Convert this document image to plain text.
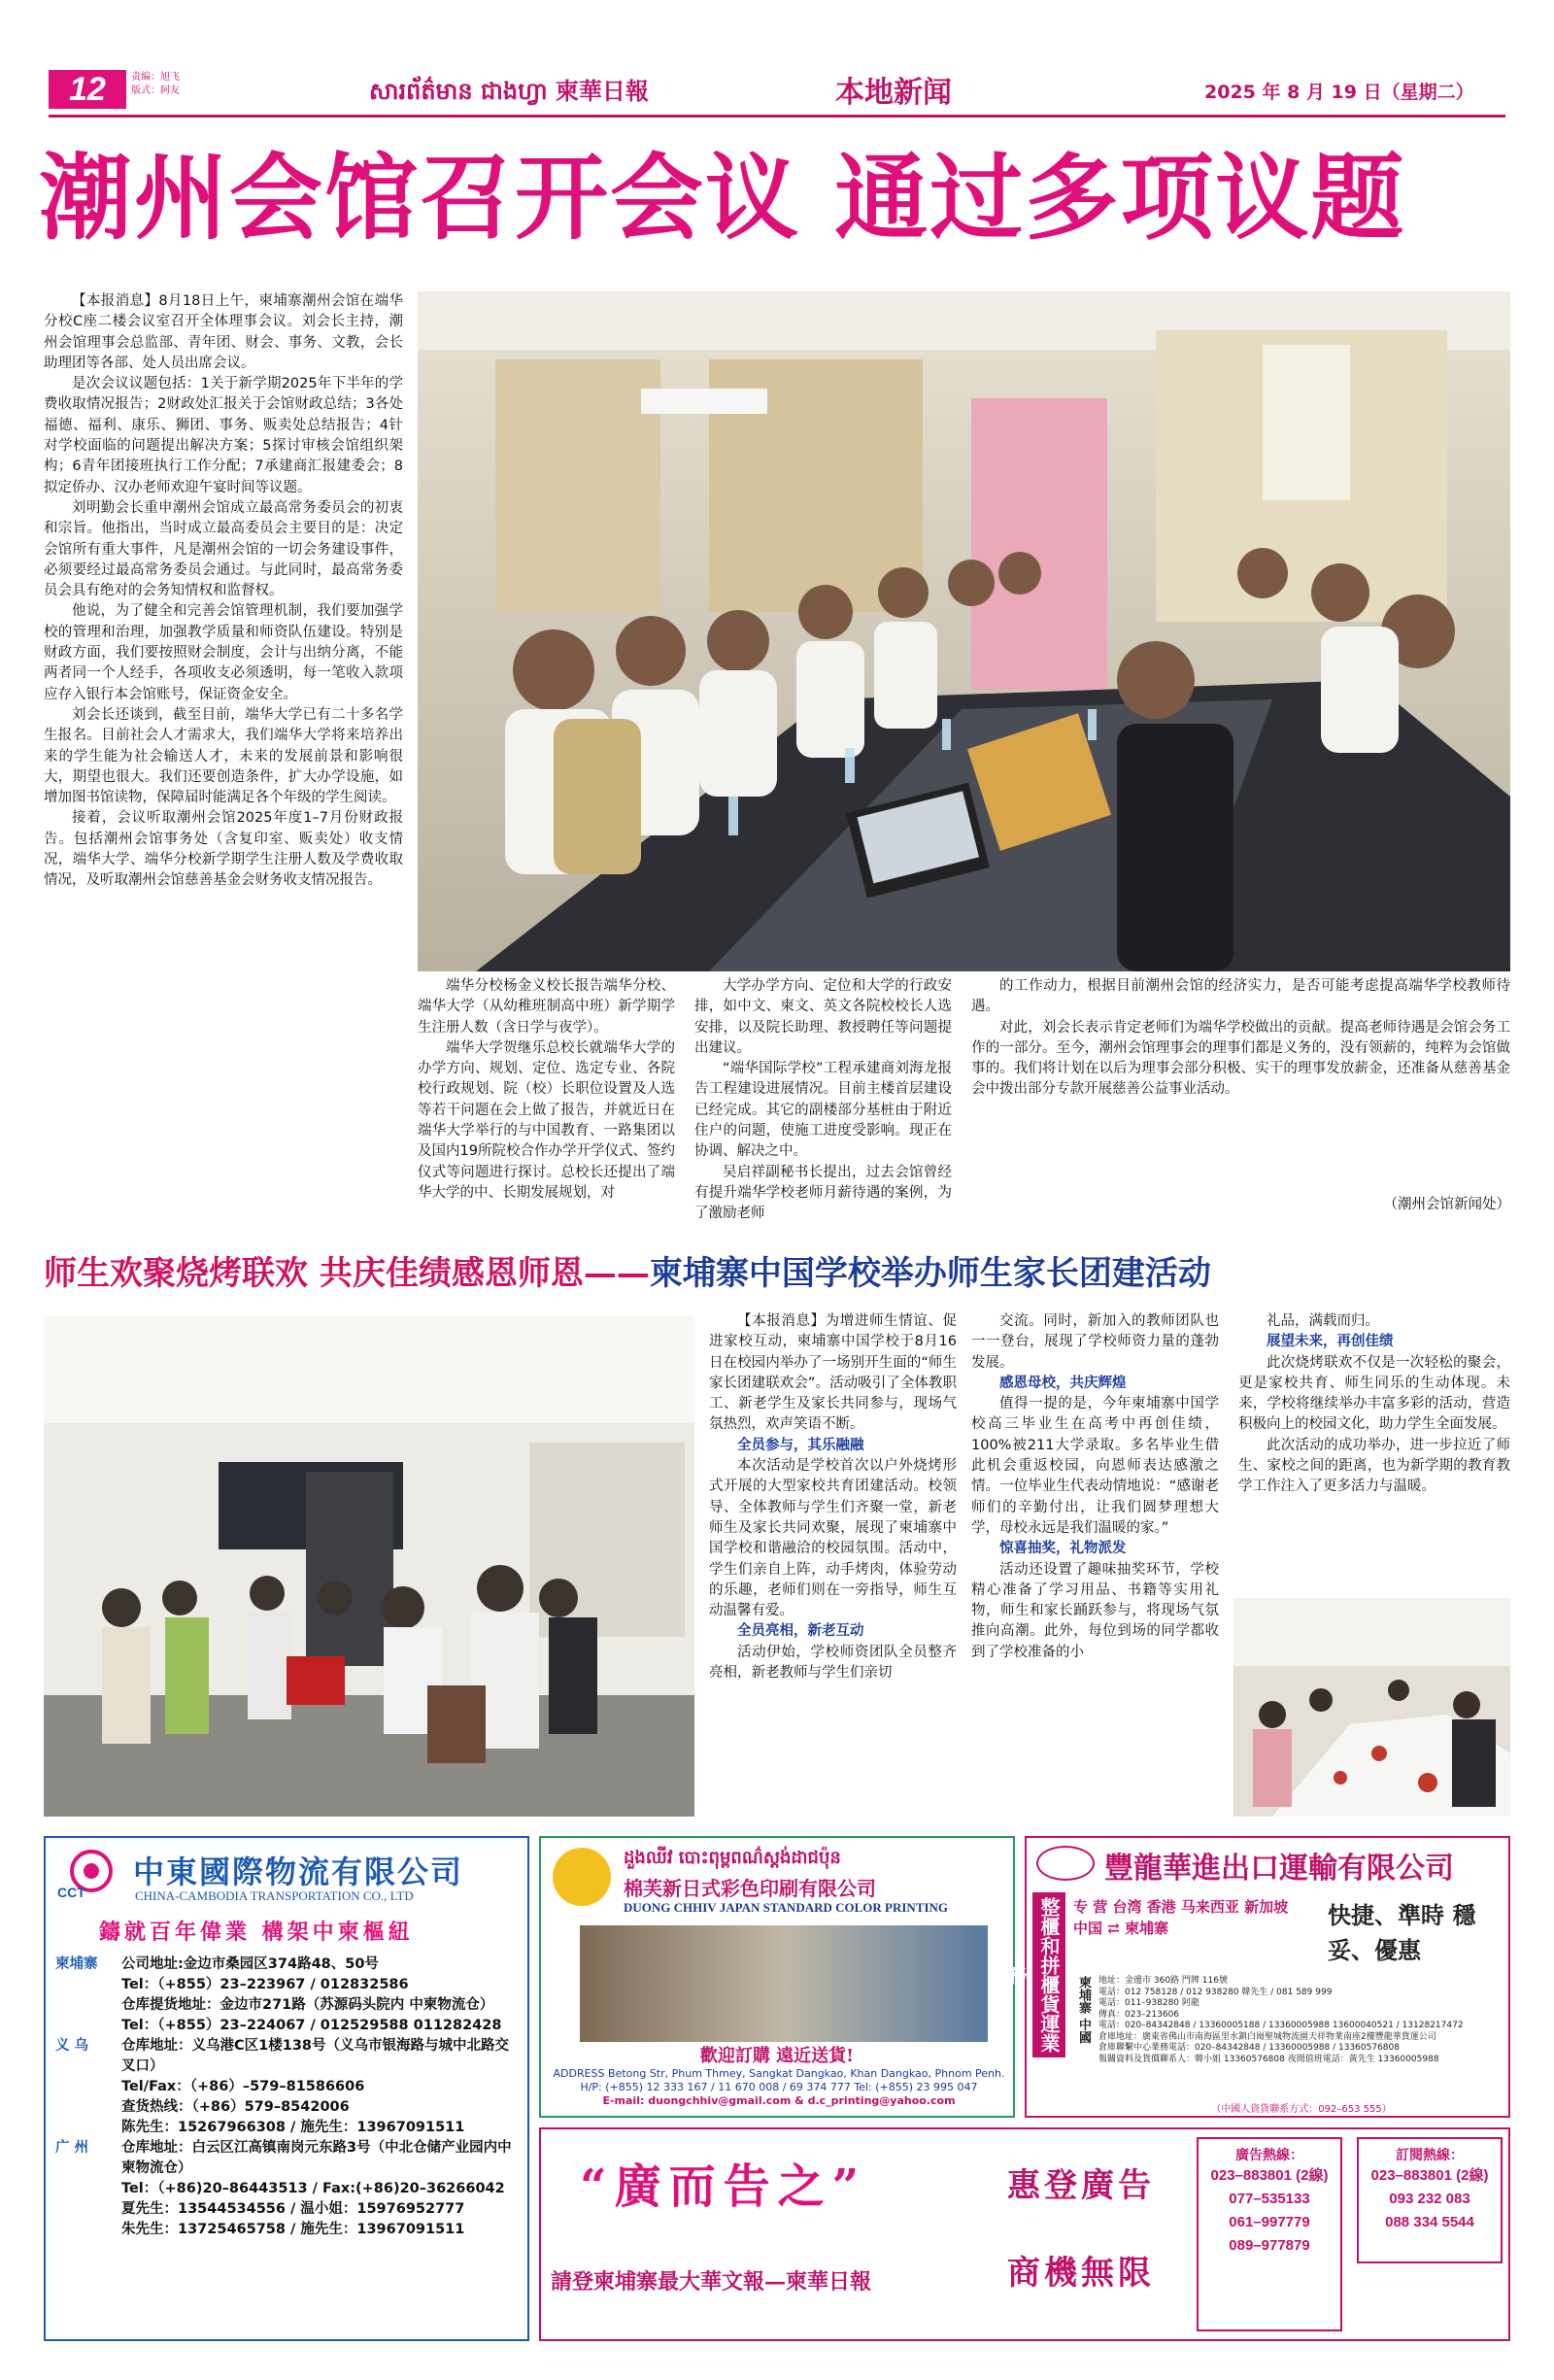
12	责编：旭飞
版式：阿友	សារព័ត៌មាន ជាងហ្វា 柬華日報	本地新闻	2025 年 8 月 19 日（星期二）
潮州会馆召开会议 通过多项议题

【本报消息】8月18日上午，柬埔寨潮州会馆在端华分校C座二楼会议室召开全体理事会议。刘会长主持，潮州会馆理事会总监部、青年团、财会、事务、文教，会长助理团等各部、处人员出席会议。

是次会议议题包括：1关于新学期2025年下半年的学费收取情况报告；2财政处汇报关于会馆财政总结；3各处福德、福利、康乐、狮团、事务、贩卖处总结报告；4针对学校面临的问题提出解决方案；5探讨审核会馆组织架构；6青年团接班执行工作分配；7承建商汇报建委会；8拟定侨办、汉办老师欢迎午宴时间等议题。

刘明勤会长重申潮州会馆成立最高常务委员会的初衷和宗旨。他指出，当时成立最高委员会主要目的是：决定会馆所有重大事件，凡是潮州会馆的一切会务建设事件，必须要经过最高常务委员会通过。与此同时，最高常务委员会具有绝对的会务知情权和监督权。

他说，为了健全和完善会馆管理机制，我们要加强学校的管理和治理，加强教学质量和师资队伍建设。特别是财政方面，我们要按照财会制度，会计与出纳分离，不能两者同一个人经手，各项收支必须透明，每一笔收入款项应存入银行本会馆账号，保证资金安全。

刘会长还谈到，截至目前，端华大学已有二十多名学生报名。目前社会人才需求大，我们端华大学将来培养出来的学生能为社会输送人才，未来的发展前景和影响很大，期望也很大。我们还要创造条件，扩大办学设施，如增加图书馆读物，保障届时能满足各个年级的学生阅读。

接着，会议听取潮州会馆2025年度1–7月份财政报告。包括潮州会馆事务处（含复印室、贩卖处）收支情况，端华大学、端华分校新学期学生注册人数及学费收取情况，及听取潮州会馆慈善基金会财务收支情况报告。

端华分校杨金义校长报告端华分校、端华大学（从幼稚班制高中班）新学期学生注册人数（含日学与夜学）。

端华大学贺继乐总校长就端华大学的办学方向、规划、定位、选定专业、各院校行政规划、院（校）长职位设置及人选等若干问题在会上做了报告，并就近日在端华大学举行的与中国教育、一路集团以及国内19所院校合作办学开学仪式、签约仪式等问题进行探讨。总校长还提出了端华大学的中、长期发展规划，对

大学办学方向、定位和大学的行政安排，如中文、柬文、英文各院校校长人选安排，以及院长助理、教授聘任等问题提出建议。

“端华国际学校”工程承建商刘海龙报告工程建设进展情况。目前主楼首层建设已经完成。其它的副楼部分基桩由于附近住户的问题，使施工进度受影响。现正在协调、解决之中。

吴启祥副秘书长提出，过去会馆曾经有提升端华学校老师月薪待遇的案例，为了激励老师

的工作动力，根据目前潮州会馆的经济实力，是否可能考虑提高端华学校教师待遇。

对此，刘会长表示肯定老师们为端华学校做出的贡献。提高老师待遇是会馆会务工作的一部分。至今，潮州会馆理事会的理事们都是义务的，没有领薪的，纯粹为会馆做事的。我们将计划在以后为理事会部分积极、实干的理事发放薪金，还准备从慈善基金会中拨出部分专款开展慈善公益事业活动。

（潮州会馆新闻处）
师生欢聚烧烤联欢 共庆佳绩感恩师恩——柬埔寨中国学校举办师生家长团建活动

【本报消息】为增进师生情谊、促进家校互动，柬埔寨中国学校于8月16日在校园内举办了一场别开生面的“师生家长团建联欢会”。活动吸引了全体教职工、新老学生及家长共同参与，现场气氛热烈，欢声笑语不断。

全员参与，其乐融融

本次活动是学校首次以户外烧烤形式开展的大型家校共育团建活动。校领导、全体教师与学生们齐聚一堂，新老师生及家长共同欢聚，展现了柬埔寨中国学校和谐融洽的校园氛围。活动中，学生们亲自上阵，动手烤肉，体验劳动的乐趣，老师们则在一旁指导，师生互动温馨有爱。

全员亮相，新老互动

活动伊始，学校师资团队全员整齐亮相，新老教师与学生们亲切

交流。同时，新加入的教师团队也一一登台，展现了学校师资力量的蓬勃发展。

感恩母校，共庆辉煌

值得一提的是，今年柬埔寨中国学校高三毕业生在高考中再创佳绩，100%被211大学录取。多名毕业生借此机会重返校园，向恩师表达感激之情。一位毕业生代表动情地说：“感谢老师们的辛勤付出，让我们圆梦理想大学，母校永远是我们温暖的家。”

惊喜抽奖，礼物派发

活动还设置了趣味抽奖环节，学校精心准备了学习用品、书籍等实用礼物，师生和家长踊跃参与，将现场气氛推向高潮。此外，每位到场的同学都收到了学校准备的小

礼品，满载而归。

展望未来，再创佳绩

此次烧烤联欢不仅是一次轻松的聚会，更是家校共育、师生同乐的生动体现。未来，学校将继续举办丰富多彩的活动，营造积极向上的校园文化，助力学生全面发展。

此次活动的成功举办，进一步拉近了师生、家校之间的距离，也为新学期的教育教学工作注入了更多活力与温暖。

CCT
中東國際物流有限公司
CHINA-CAMBODIA TRANSPORTATION CO., LTD
鑄就百年偉業 構架中柬樞紐
柬埔寨	公司地址:金边市桑园区374路48、50号
Tel：（+855）23–223967 / 012832586
仓库提货地址：金边市271路（苏源码头院内 中柬物流仓）
Tel：（+855）23–224067 / 012529588 011282428
义 乌	仓库地址：义乌港C区1楼138号（义乌市银海路与城中北路交叉口）
Tel/Fax：（+86）–579–81586606
查货热线：（+86）579–8542006
陈先生：15267966308 / 施先生：13967091511
广 州	仓库地址：白云区江高镇南岗元东路3号（中北仓储产业园内中柬物流仓）
Tel：（+86)20–86443513 / Fax:(+86)20–36266042
夏先生：13544534556 / 温小姐：15976952777
朱先生：13725465758 / 施先生：13967091511
ដួងឈីវ បោះពុម្ពពណ៌ស្តង់ដាជប៉ុន
棉芙新日式彩色印刷有限公司
DUONG CHHIV JAPAN STANDARD COLOR PRINTING
歡迎訂購 遠近送貨!
ADDRESS Betong Str, Phum Thmey, Sangkat Dangkao, Khan Dangkao, Phnom Penh.
H/P: (+855) 12 333 167 / 11 670 008 / 69 374 777 Tel: (+855) 23 995 047
E-mail: duongchhiv@gmail.com & d.c_printing@yahoo.com
豐龍華進出口運輸有限公司
整櫃和拼櫃貨運業務
专 营 台湾 香港 马来西亚 新加坡 中国 ⇄ 柬埔寨	快捷、準時 穩妥、優惠
柬埔寨 中國 地址：金邊市 360路 門牌 116號
電話：012 758128 / 012 938280 韓先生 / 081 589 999
電話：011–938280 阿龍
傳真：023–213606
電話：020–84342848 / 13360005188 / 13360005988 13600040521 / 13128217472
倉庫地址：廣東省佛山市南海區里水鎮白崗聖城物流園天祥物業南座2樓豐龍華貨運公司
倉庫聯繫中心業務電話：020–84342848 / 13360005988 / 13360576808
報關資料及貨價聯系人：韓小姐 13360576808 夜間值班電話：黃先生 13360005988
（中國人資貨聯系方式：092–653 555）
“廣而告之”
請登柬埔寨最大華文報—柬華日報
惠登廣告
商機無限
廣告熱線：
023–883801 (2線)
077–535133
061–997779
089–977879
訂閱熱線：
023–883801 (2線)
093 232 083
088 334 5544
